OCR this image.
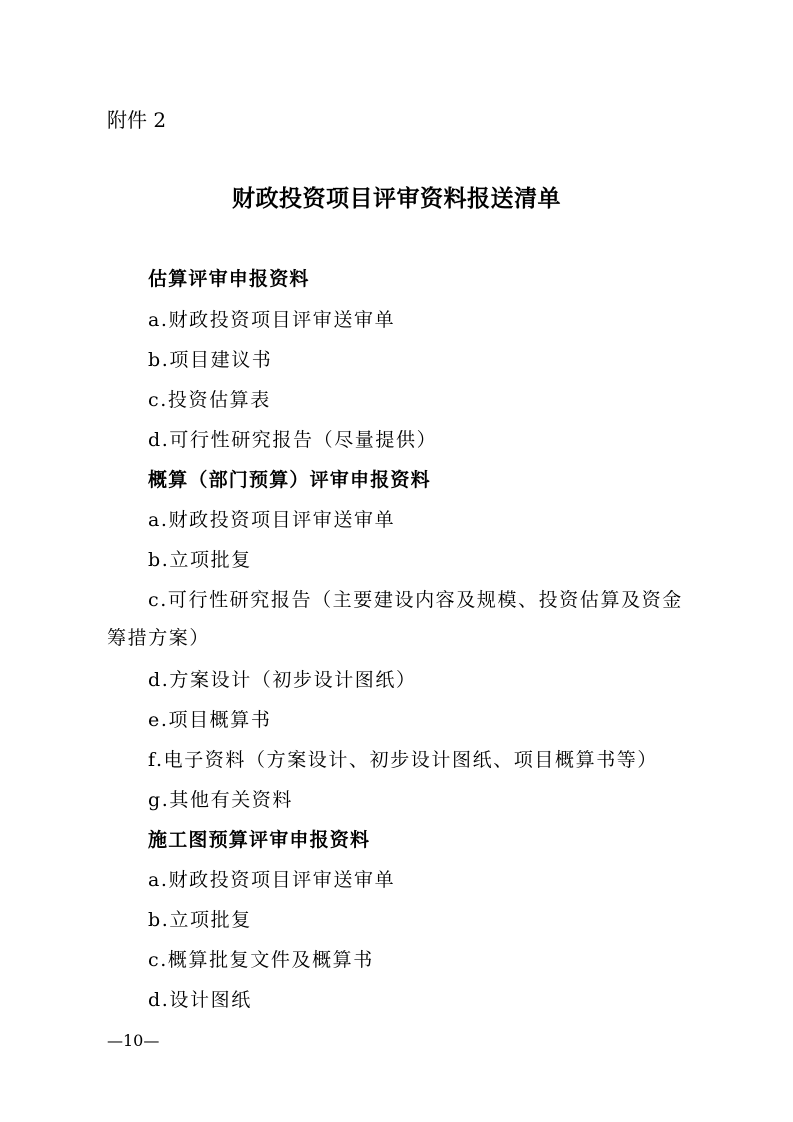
附件 2
财政投资项目评审资料报送清单
估算评审申报资料
a.财政投资项目评审送审单
b.项目建议书
c.投资估算表
d.可行性研究报告（尽量提供）
概算（部门预算）评审申报资料
a.财政投资项目评审送审单
b.立项批复
c.可行性研究报告（主要建设内容及规模、投资估算及资金
筹措方案）
d.方案设计（初步设计图纸）
e.项目概算书
f.电子资料（方案设计、初步设计图纸、项目概算书等）
g.其他有关资料
施工图预算评审申报资料
a.财政投资项目评审送审单
b.立项批复
c.概算批复文件及概算书
d.设计图纸
—10—
